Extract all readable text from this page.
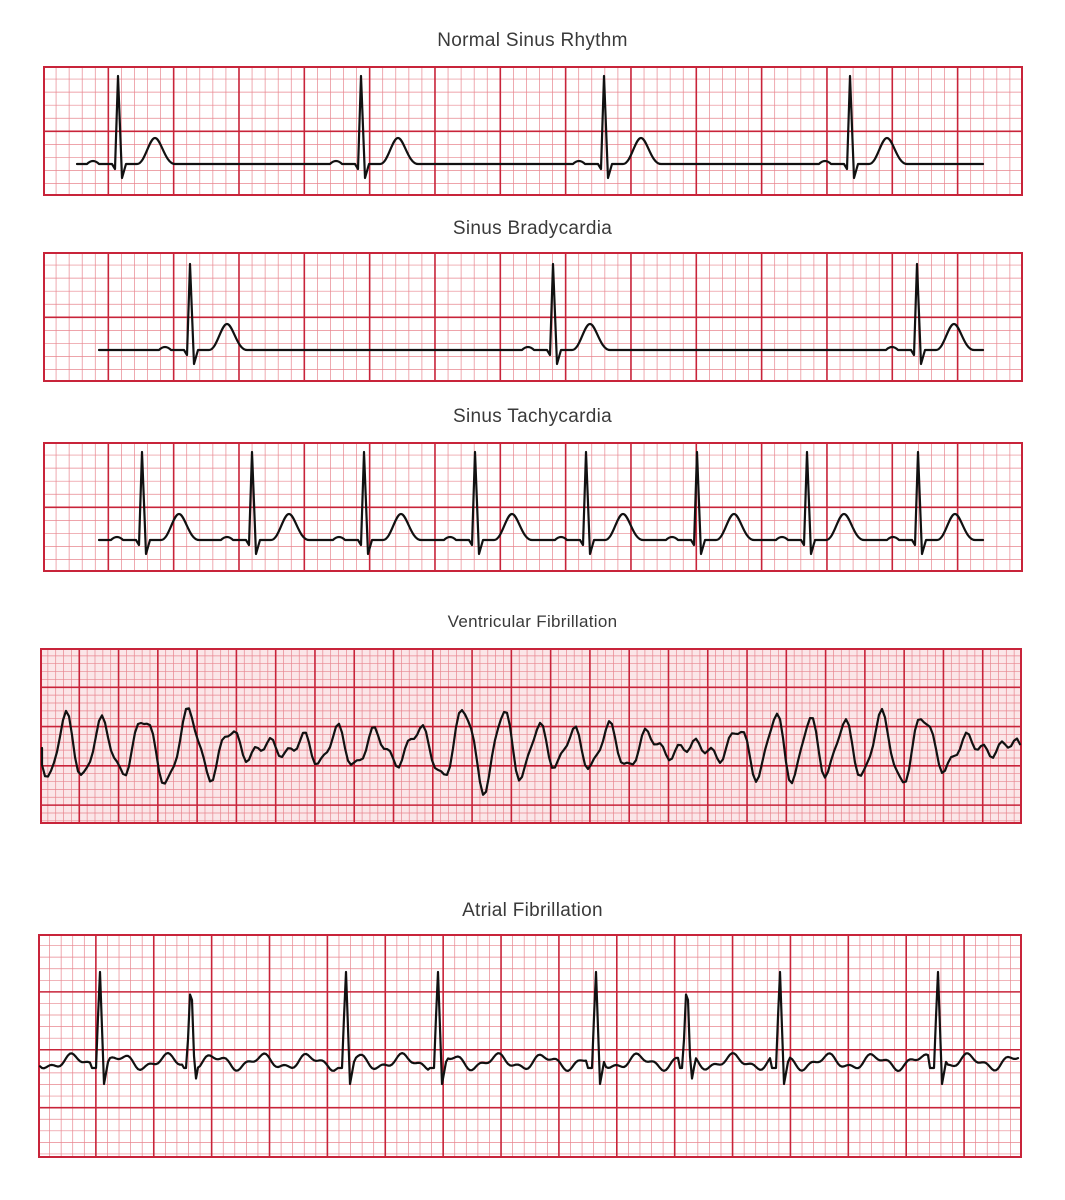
Normal Sinus Rhythm
Sinus Bradycardia
Sinus Tachycardia
Ventricular Fibrillation
Atrial Fibrillation
